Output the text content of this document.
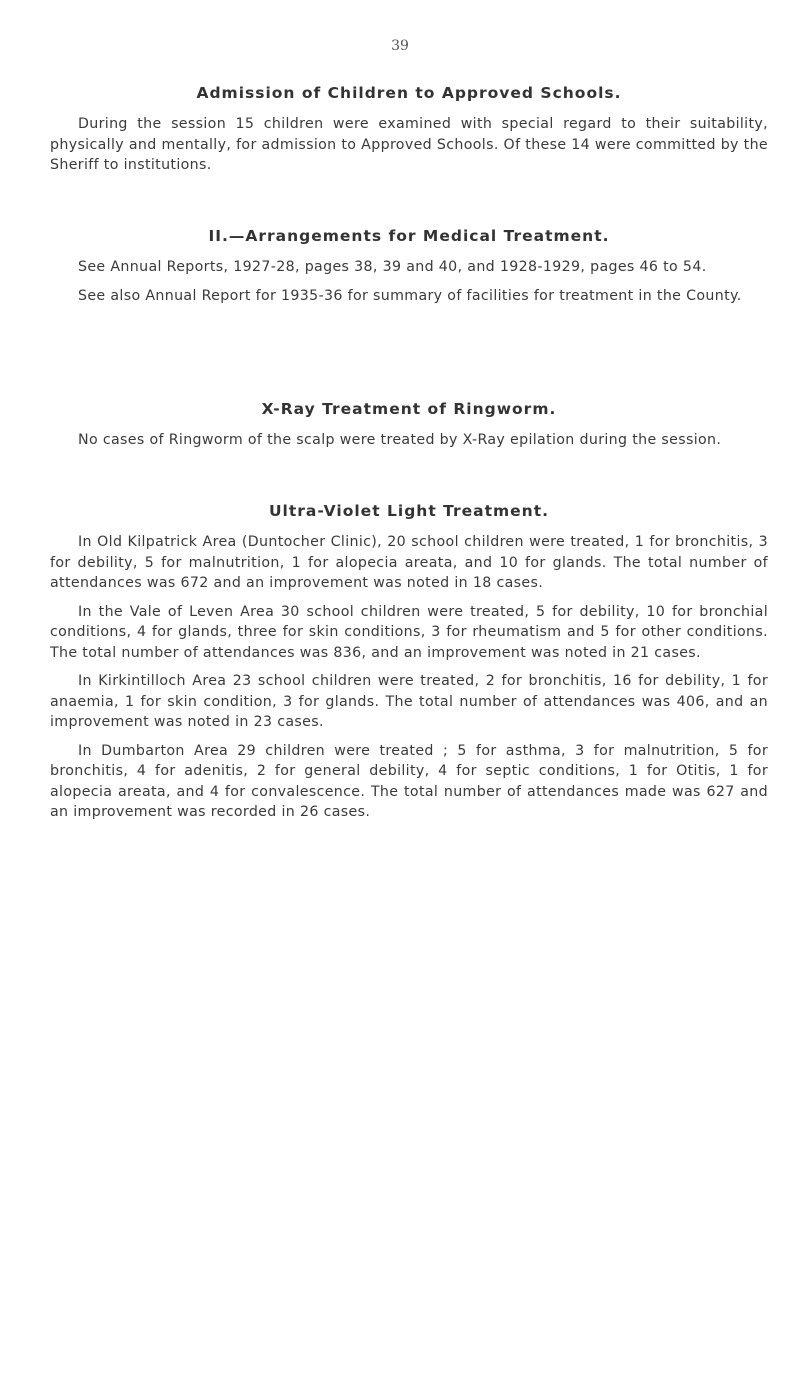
39
Admission of Children to Approved Schools.

During the session 15 children were examined with special regard to their suitability, physically and mentally, for admission to Approved Schools. Of these 14 were committed by the Sheriff to institutions.

II.—Arrangements for Medical Treatment.

See Annual Reports, 1927-28, pages 38, 39 and 40, and 1928-1929, pages 46 to 54.

See also Annual Report for 1935-36 for summary of facilities for treatment in the County.

X-Ray Treatment of Ringworm.

No cases of Ringworm of the scalp were treated by X-Ray epilation during the session.

Ultra-Violet Light Treatment.

In Old Kilpatrick Area (Duntocher Clinic), 20 school children were treated, 1 for bronchitis, 3 for debility, 5 for malnutrition, 1 for alopecia areata, and 10 for glands. The total number of attendances was 672 and an improvement was noted in 18 cases.

In the Vale of Leven Area 30 school children were treated, 5 for debility, 10 for bronchial conditions, 4 for glands, three for skin conditions, 3 for rheumatism and 5 for other conditions. The total number of attendances was 836, and an improvement was noted in 21 cases.

In Kirkintilloch Area 23 school children were treated, 2 for bronchitis, 16 for debility, 1 for anaemia, 1 for skin condition, 3 for glands. The total number of attendances was 406, and an improvement was noted in 23 cases.

In Dumbarton Area 29 children were treated ; 5 for asthma, 3 for malnutrition, 5 for bronchitis, 4 for adenitis, 2 for general debility, 4 for septic conditions, 1 for Otitis, 1 for alopecia areata, and 4 for convalescence. The total number of attendances made was 627 and an improvement was recorded in 26 cases.
